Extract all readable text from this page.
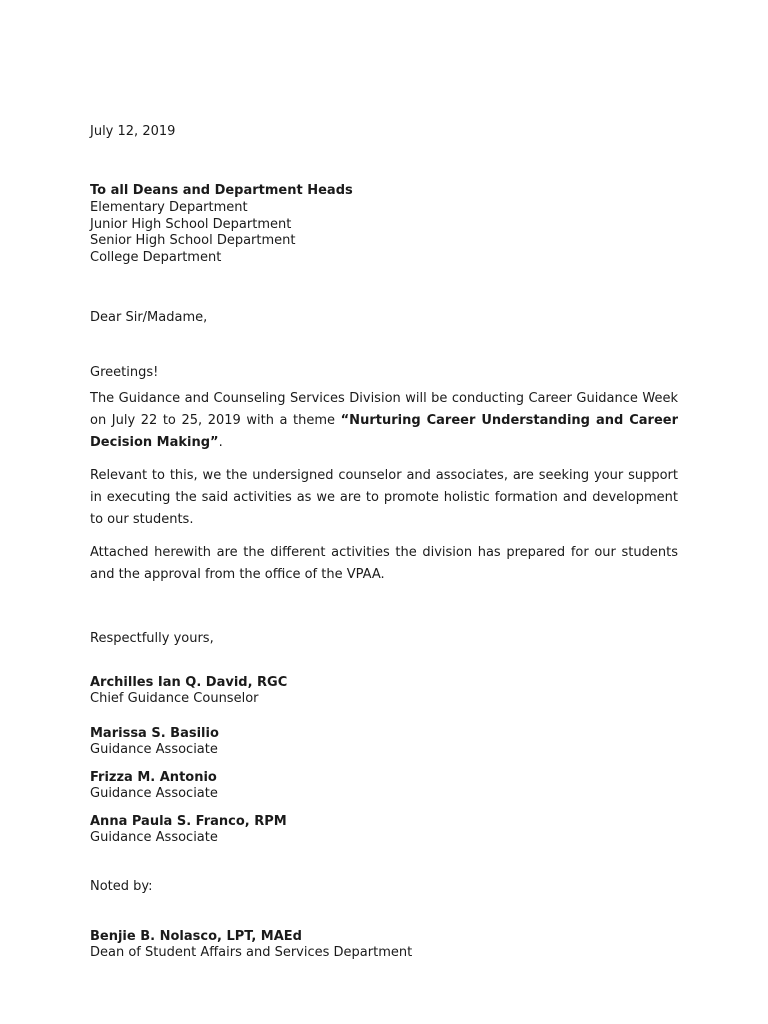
July 12, 2019
To all Deans and Department Heads
Elementary Department
Junior High School Department
Senior High School Department
College Department
Dear Sir/Madame,
Greetings!
The Guidance and Counseling Services Division will be conducting Career Guidance Week on July 22 to 25, 2019 with a theme “Nurturing Career Understanding and Career Decision Making”.
Relevant to this, we the undersigned counselor and associates, are seeking your support in executing the said activities as we are to promote holistic formation and development to our students.
Attached herewith are the different activities the division has prepared for our students and the approval from the office of the VPAA.
Respectfully yours,
Archilles Ian Q. David, RGC
Chief Guidance Counselor
Marissa S. Basilio
Guidance Associate
Frizza M. Antonio
Guidance Associate
Anna Paula S. Franco, RPM
Guidance Associate
Noted by:
Benjie B. Nolasco, LPT, MAEd
Dean of Student Affairs and Services Department
